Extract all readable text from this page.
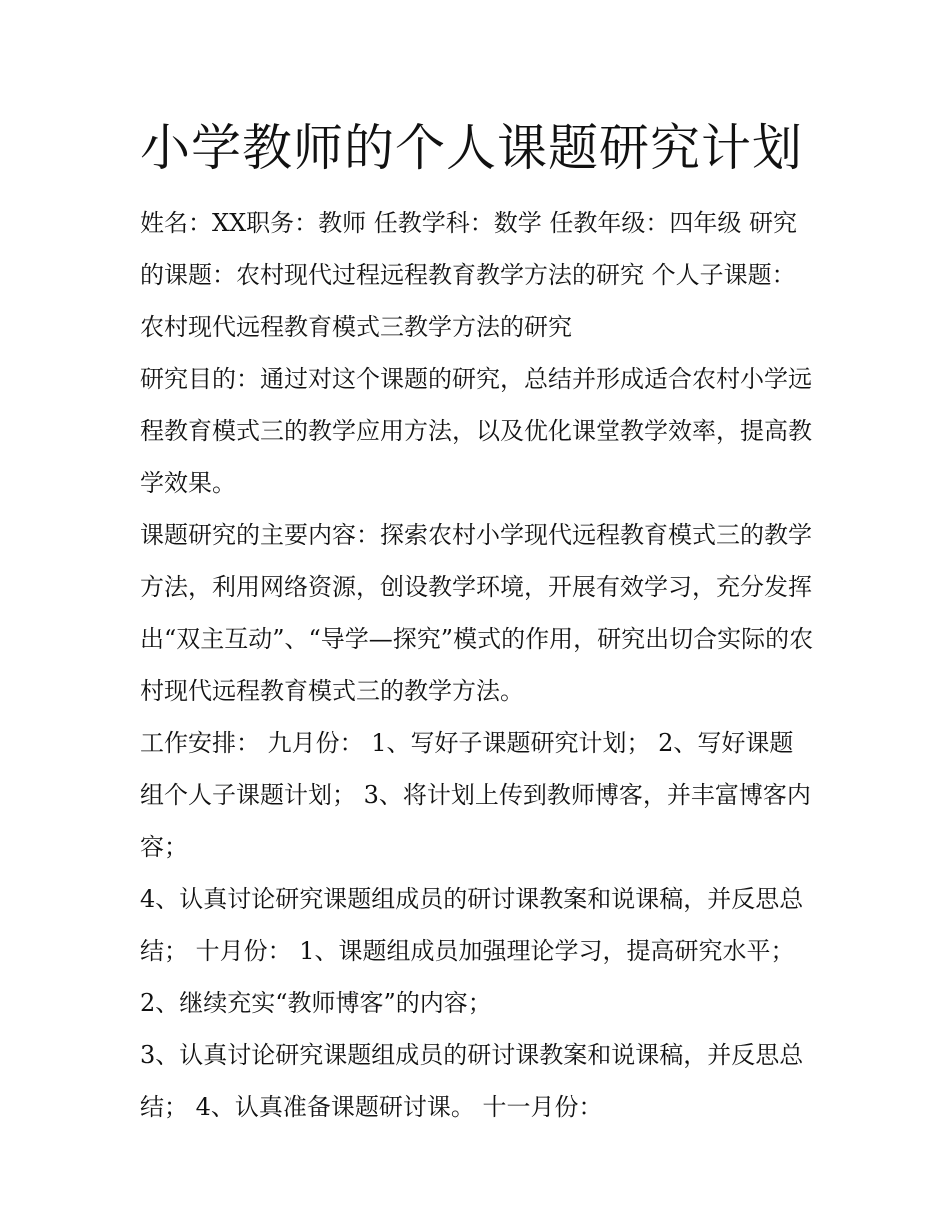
小学教师的个人课题研究计划

姓名：XX职务：教师 任教学科：数学 任教年级：四年级 研究的课题：农村现代过程远程教育教学方法的研究 个人子课题：农村现代远程教育模式三教学方法的研究

研究目的：通过对这个课题的研究，总结并形成适合农村小学远程教育模式三的教学应用方法，以及优化课堂教学效率，提高教学效果。

课题研究的主要内容：探索农村小学现代远程教育模式三的教学方法，利用网络资源，创设教学环境，开展有效学习，充分发挥出“双主互动”、“导学—探究”模式的作用，研究出切合实际的农村现代远程教育模式三的教学方法。

工作安排： 九月份： 1、写好子课题研究计划； 2、写好课题组个人子课题计划； 3、将计划上传到教师博客，并丰富博客内容；

4、认真讨论研究课题组成员的研讨课教案和说课稿，并反思总结； 十月份： 1、课题组成员加强理论学习，提高研究水平； 2、继续充实“教师博客”的内容；

3、认真讨论研究课题组成员的研讨课教案和说课稿，并反思总结； 4、认真准备课题研讨课。 十一月份：
